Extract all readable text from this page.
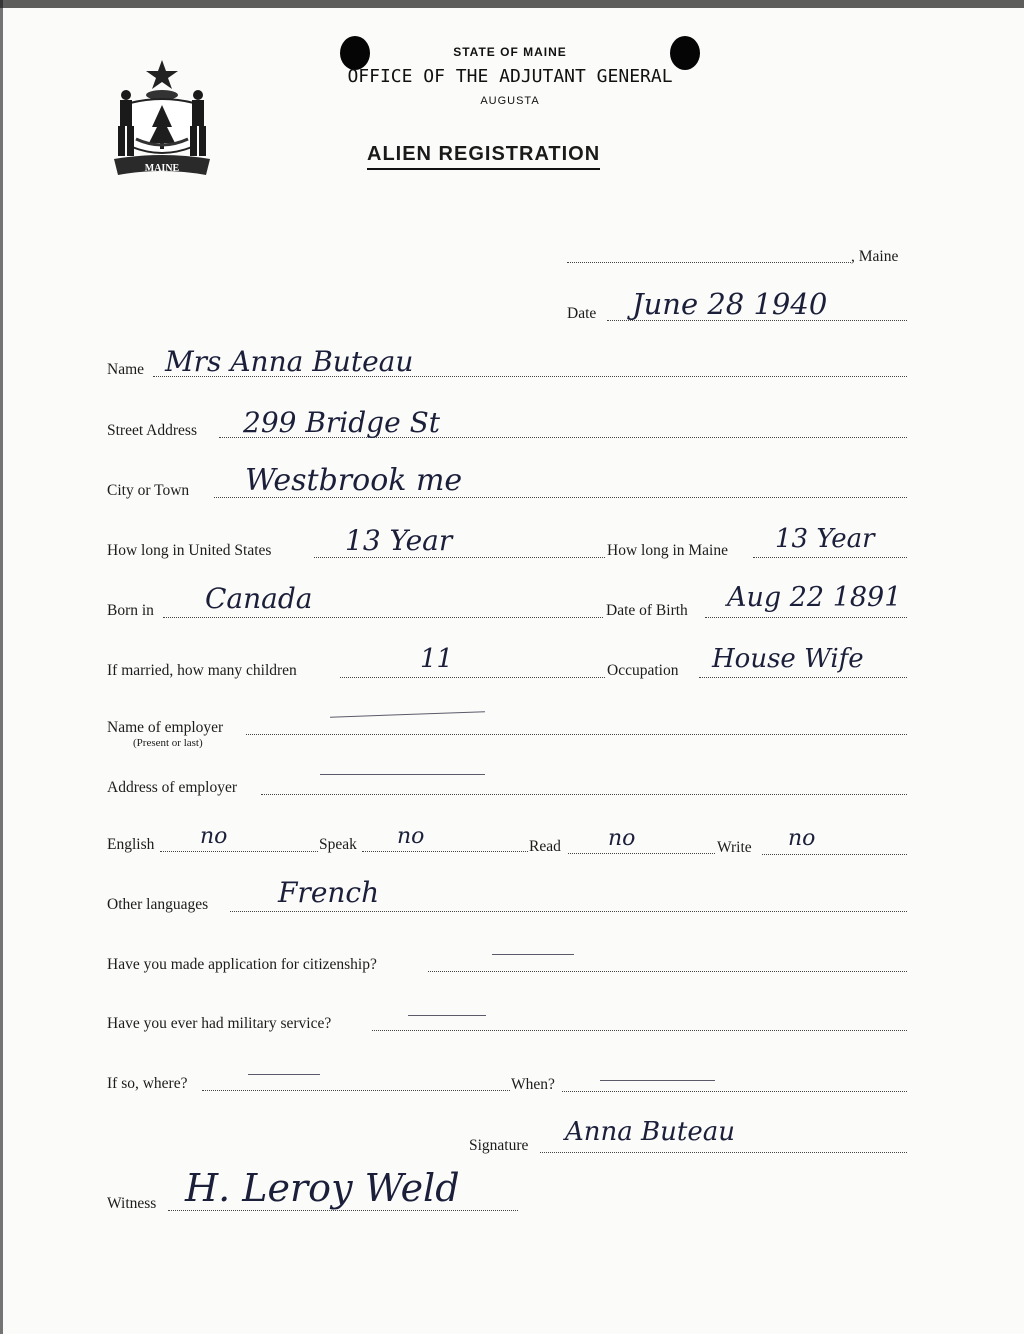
MAINE
STATE OF MAINE
OFFICE OF THE ADJUTANT GENERAL
AUGUSTA
ALIEN REGISTRATION
, Maine
Date June 28 1940
Name Mrs Anna Buteau
Street Address 299 Bridge St
City or Town Westbrook me
How long in United States	13 Year	How long in Maine 13 Year
Born in Canada	Date of Birth Aug 22 1891
If married, how many children	11	Occupation House Wife
Name of employer
(Present or last)
Address of employer
English no	Speak no	Read no	Write no
Other languages French
Have you made application for citizenship?
Have you ever had military service?
If so, where?	When?
Signature Anna Buteau
Witness H. Leroy Weld
